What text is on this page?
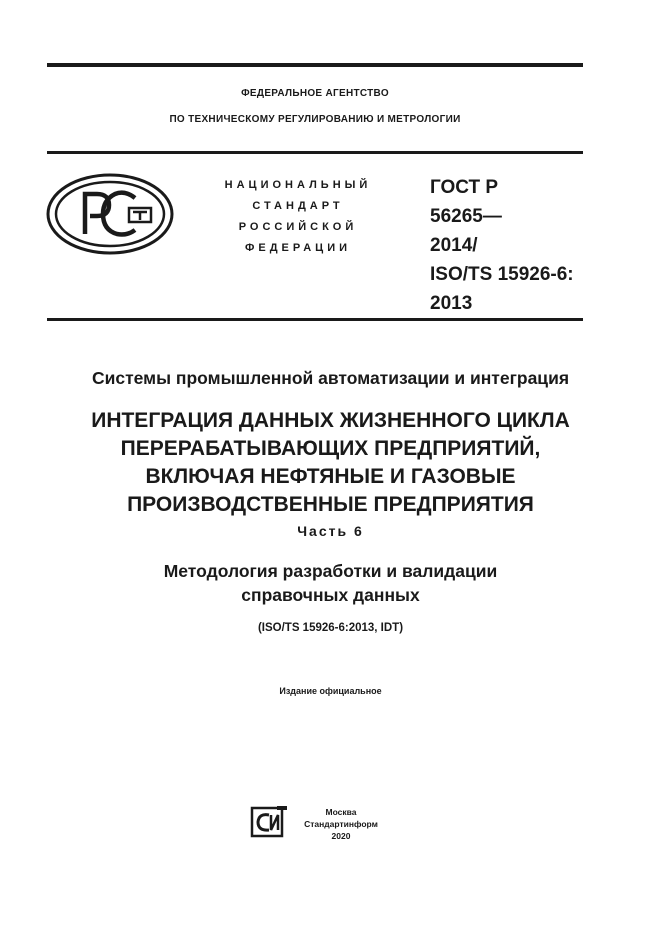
ФЕДЕРАЛЬНОЕ АГЕНТСТВО
ПО ТЕХНИЧЕСКОМУ РЕГУЛИРОВАНИЮ И МЕТРОЛОГИИ
НАЦИОНАЛЬНЫЙ
СТАНДАРТ
РОССИЙСКОЙ
ФЕДЕРАЦИИ
ГОСТ Р
56265—
2014/
ISO/TS 15926-6:
2013
Системы промышленной автоматизации и интеграция
ИНТЕГРАЦИЯ ДАННЫХ ЖИЗНЕННОГО ЦИКЛА
ПЕРЕРАБАТЫВАЮЩИХ ПРЕДПРИЯТИЙ,
ВКЛЮЧАЯ НЕФТЯНЫЕ И ГАЗОВЫЕ
ПРОИЗВОДСТВЕННЫЕ ПРЕДПРИЯТИЯ
Часть 6
Методология разработки и валидации
справочных данных
(ISO/TS 15926-6:2013, IDT)
Издание официальное
Москва
Стандартинформ
2020
